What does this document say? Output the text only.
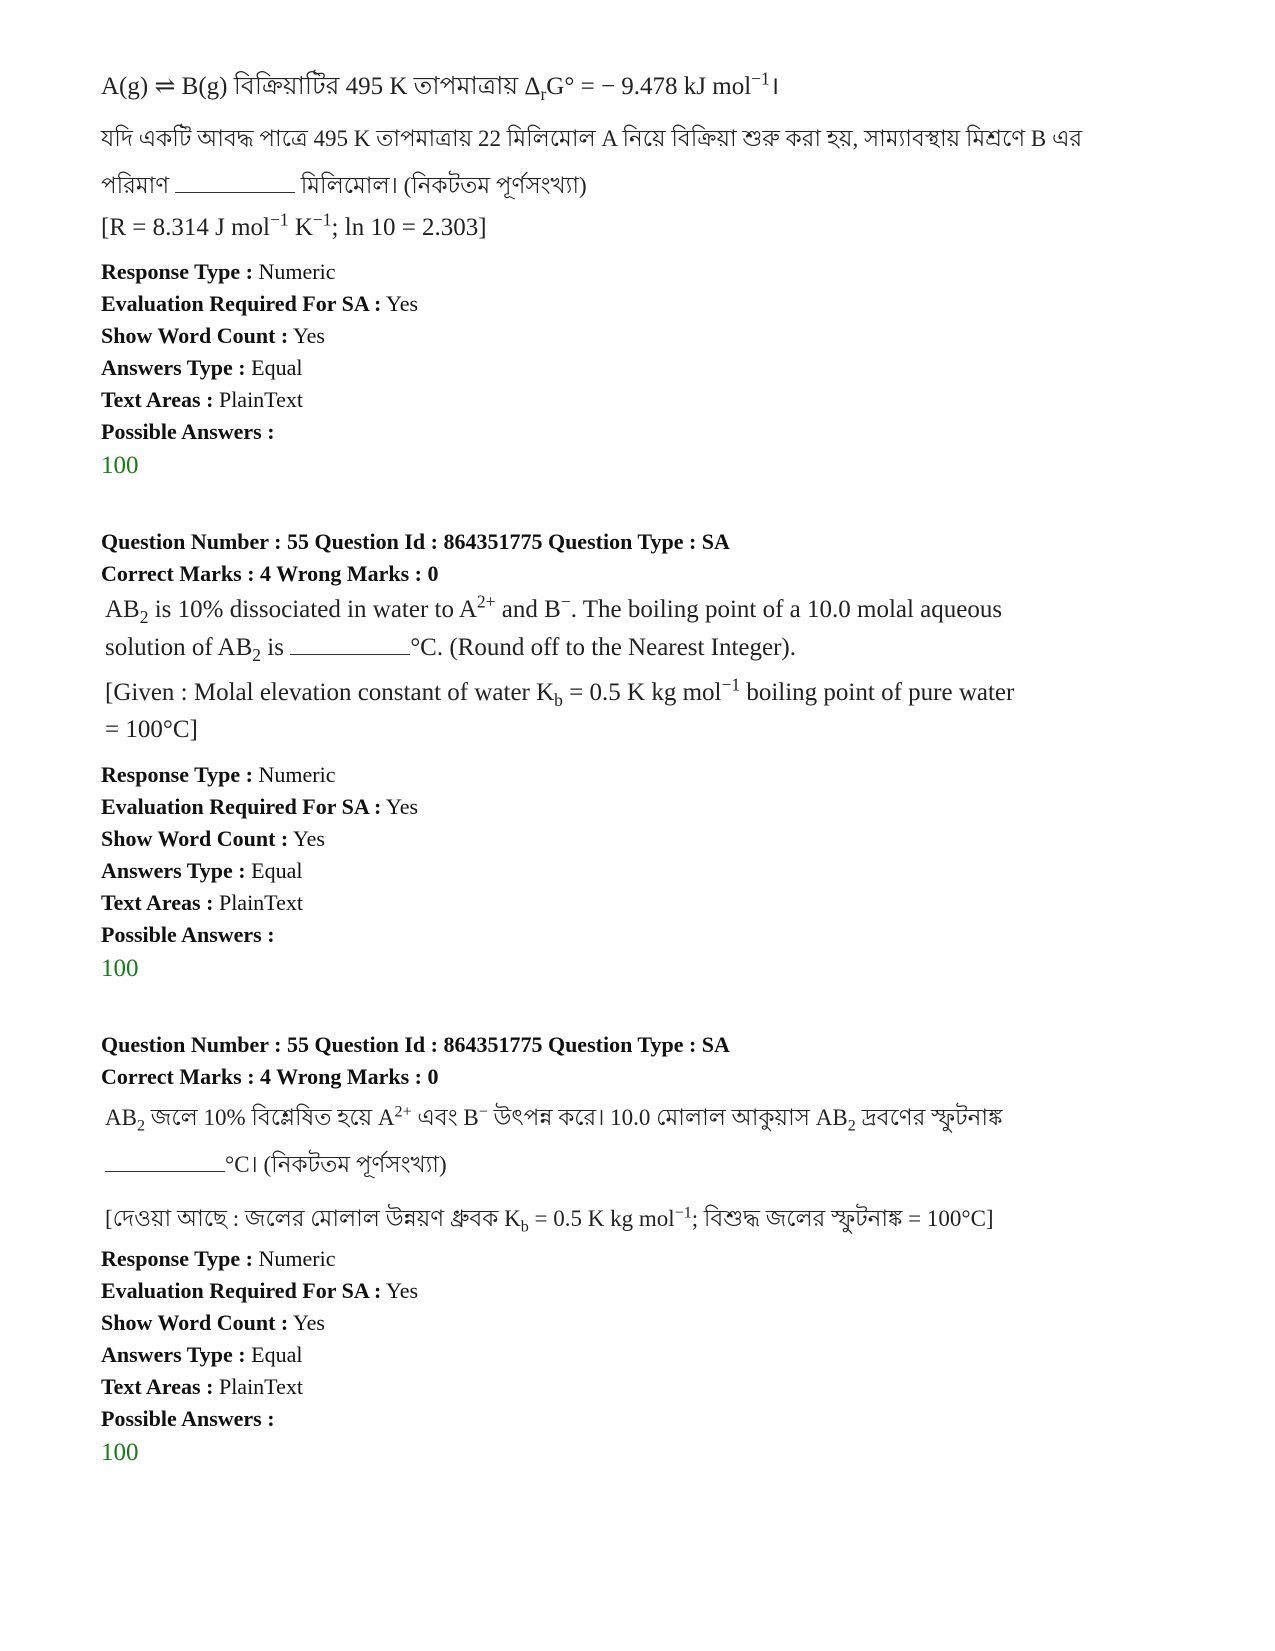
A(g) ⇌ B(g) বিক্রিয়াটির 495 K তাপমাত্রায় $\Delta_rG^\circ$ = − 9.478 kJ mol$^{-1}$।
যদি একটি আবদ্ধ পাত্রে 495 K তাপমাত্রায় 22 মিলিমোল A নিয়ে বিক্রিয়া শুরু করা হয়, সাম্যাবস্থায় মিশ্রণে B এর
পরিমাণ	মিলিমোল। (নিকটতম পূর্ণসংখ্যা)
[R = 8.314 J mol$^{-1}$ $K^{-1}$; ln 10 = 2.303]
Response Type : Numeric
Evaluation Required For SA : Yes
Show Word Count : Yes
Answers Type : Equal
Text Areas : PlainText
Possible Answers :
100
Question Number : 55 Question Id : 864351775 Question Type : SA
Correct Marks : 4 Wrong Marks : 0
$AB_2$ is 10% dissociated in water to $A^{2+}$ and B−. The boiling point of a 10.0 molal aqueous
solution of $AB_2$ is	°C. (Round off to the Nearest Integer).
[Given : Molal elevation constant of water $K_b = 0.5$ K kg mol$^{-1}$ boiling point of pure water
= 100°C]
Response Type : Numeric
Evaluation Required For SA : Yes
Show Word Count : Yes
Answers Type : Equal
Text Areas : PlainText
Possible Answers :
100
Question Number : 55 Question Id : 864351775 Question Type : SA
Correct Marks : 4 Wrong Marks : 0
$AB_2$ জলে 10% বিশ্লেষিত হয়ে $A^{2+}$ এবং B− উৎপন্ন করে। 10.0 মোলাল আকুয়াস $AB_2$ দ্রবণের স্ফুটনাঙ্ক
°C। (নিকটতম পূর্ণসংখ্যা)
[দেওয়া আছে : জলের মোলাল উন্নয়ণ ধ্রুবক $K_b = 0.5$ K kg mol$^{-1}$; বিশুদ্ধ জলের স্ফুটনাঙ্ক = 100°C]
Response Type : Numeric
Evaluation Required For SA : Yes
Show Word Count : Yes
Answers Type : Equal
Text Areas : PlainText
Possible Answers :
100
